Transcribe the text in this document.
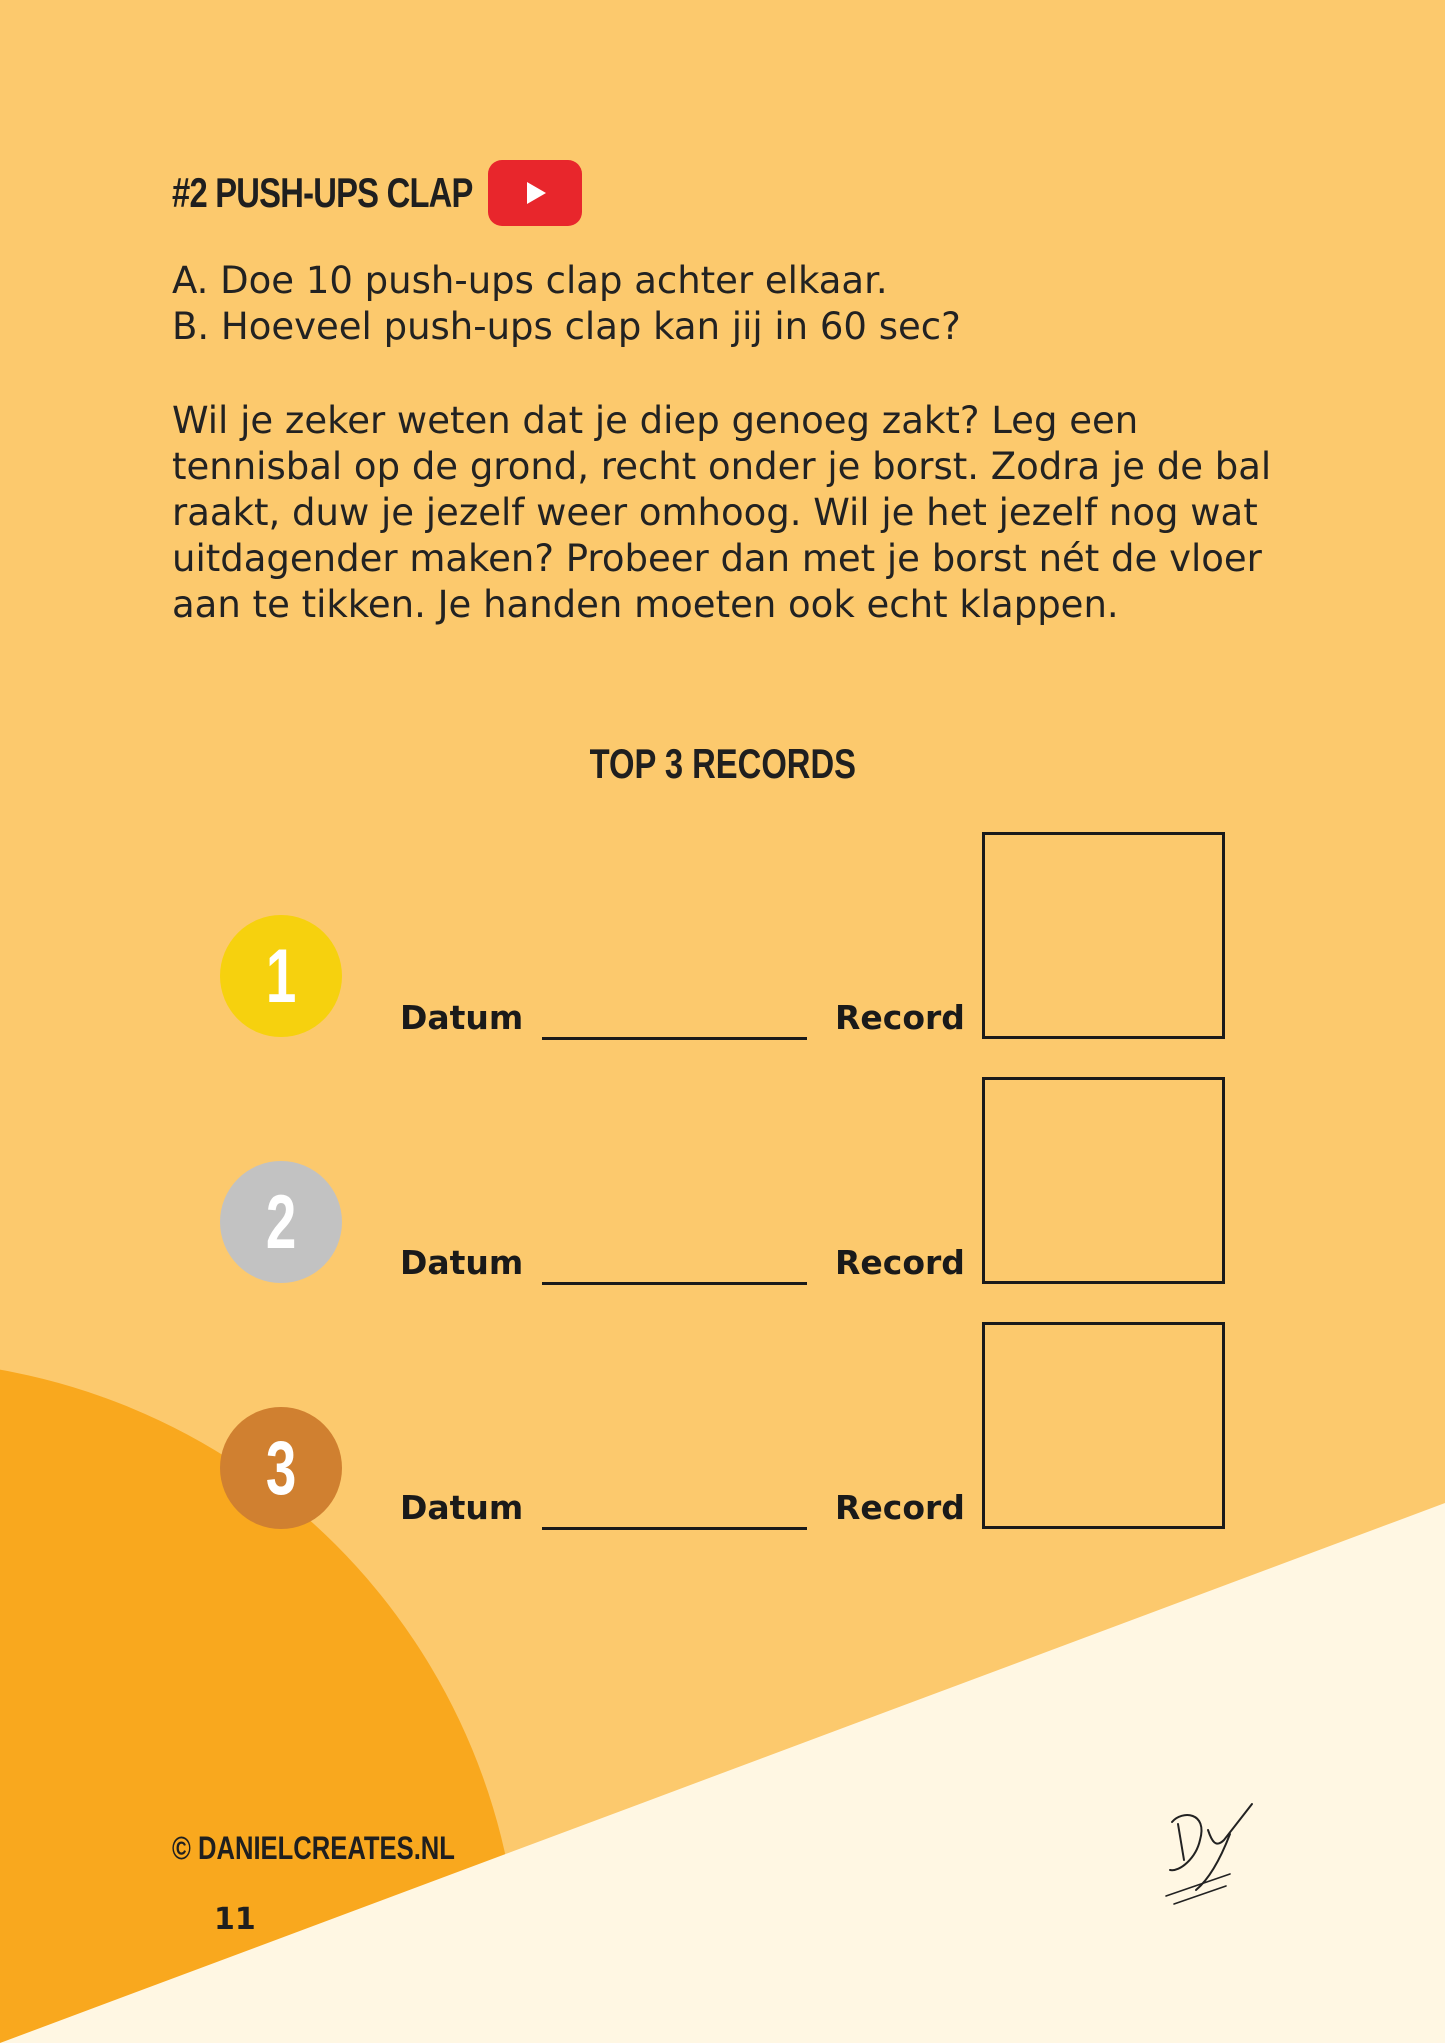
#2 PUSH-UPS CLAP
A. Doe 10 push-ups clap achter elkaar.
B. Hoeveel push-ups clap kan jij in 60 sec?
Wil je zeker weten dat je diep genoeg zakt? Leg een
tennisbal op de grond, recht onder je borst. Zodra je de bal
raakt, duw je jezelf weer omhoog. Wil je het jezelf nog wat
uitdagender maken? Probeer dan met je borst nét de vloer
aan te tikken. Je handen moeten ook echt klappen.
TOP 3 RECORDS
1	Datum	Record
2	Datum	Record
3	Datum	Record
© DANIELCREATES.NL
11
